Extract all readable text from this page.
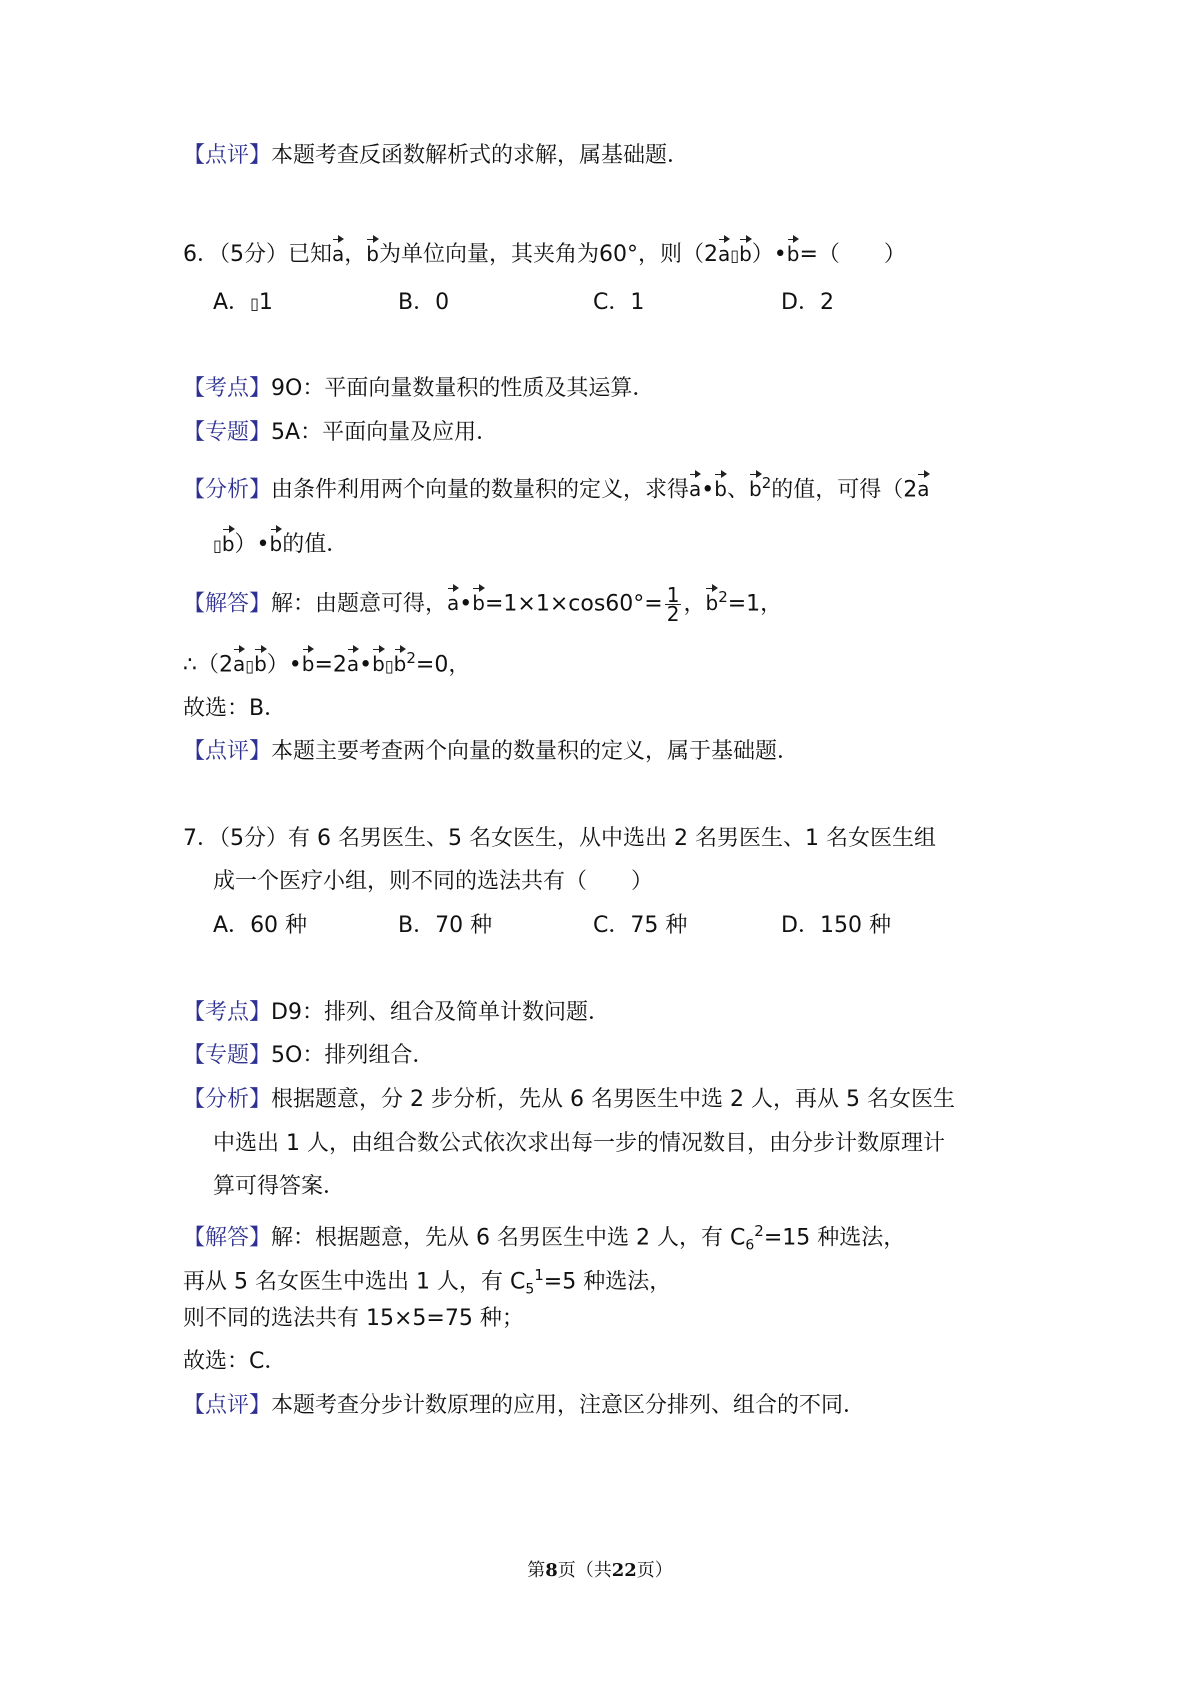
【点评】本题考查反函数解析式的求解，属基础题．
6．（5分）已知a，b为单位向量，其夹角为60°，则（2a▯b）•b=（　　）
A．▯1	B．0	C．1	D．2
【考点】9O：平面向量数量积的性质及其运算．
【专题】5A：平面向量及应用．
【分析】由条件利用两个向量的数量积的定义，求得a•b、$b^2$的值，可得（2a
▯b）•b的值．
【解答】解：由题意可得，a•b=1×1×cos60°= $\frac{1}{2}$ ，$b^2=1$，
$\therefore(2a▯b)•b=2a•b▯b^2=0$，
故选：B．
【点评】本题主要考查两个向量的数量积的定义，属于基础题．
7．（5分）有 6 名男医生、5 名女医生，从中选出 2 名男医生、1 名女医生组
成一个医疗小组，则不同的选法共有（　　）
A．60 种	B．70 种	C．75 种	D．150 种
【考点】D9：排列、组合及简单计数问题．
【专题】5O：排列组合．
【分析】根据题意，分 2 步分析，先从 6 名男医生中选 2 人，再从 5 名女医生
中选出 1 人，由组合数公式依次求出每一步的情况数目，由分步计数原理计
算可得答案．
【解答】解：根据题意，先从 6 名男医生中选 2 人，有 $C_6^2=15$ 种选法，
再从 5 名女医生中选出 1 人，有 $C_5^1=5$ 种选法，
则不同的选法共有 15×5=75 种；
故选：C．
【点评】本题考查分步计数原理的应用，注意区分排列、组合的不同．
第8页（共22页）
